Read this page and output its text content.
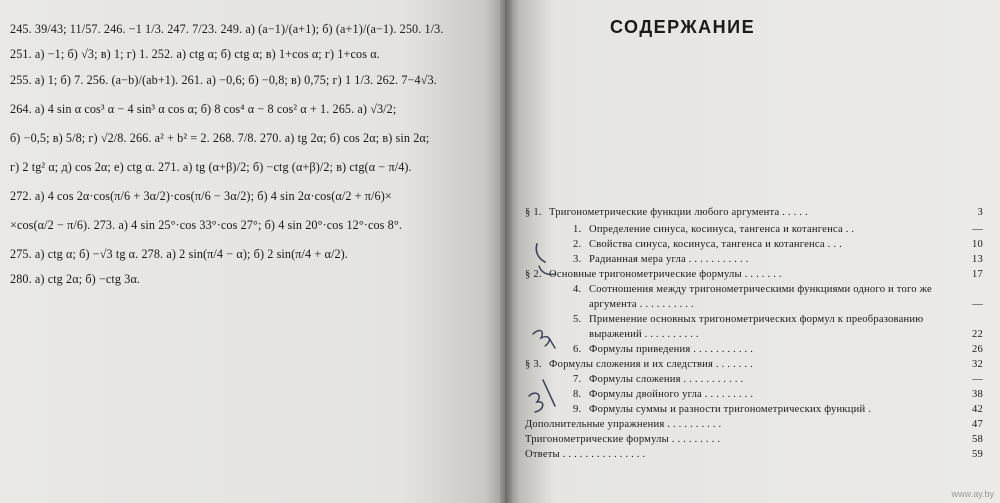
245. 39/43; 11/57. 246. −1 1/3. 247. 7/23. 249. а) (a−1)/(a+1); б) (a+1)/(a−1). 250. 1/3.
251. а) −1; б) √3; в) 1; г) 1. 252. а) ctg α; б) ctg α; в) 1+cos α; г) 1+cos α.
255. а) 1; б) 7. 256. (a−b)/(ab+1). 261. а) −0,6; б) −0,8; в) 0,75; г) 1 1/3. 262. 7−4√3.
264. а) 4 sin α cos³ α − 4 sin³ α cos α; б) 8 cos⁴ α − 8 cos² α + 1. 265. а) √3/2;
б) −0,5; в) 5/8; г) √2/8. 266. a² + b² = 2. 268. 7/8. 270. а) tg 2α; б) cos 2α; в) sin 2α;
г) 2 tg² α; д) cos 2α; е) ctg α. 271. а) tg (α+β)/2; б) −ctg (α+β)/2; в) ctg(α − π/4).
272. а) 4 cos 2α·cos(π/6 + 3α/2)·cos(π/6 − 3α/2); б) 4 sin 2α·cos(α/2 + π/6)×
×cos(α/2 − π/6). 273. а) 4 sin 25°·cos 33°·cos 27°; б) 4 sin 20°·cos 12°·cos 8°.
275. а) ctg α; б) −√3 tg α. 278. а) 2 sin(π/4 − α); б) 2 sin(π/4 + α/2).
280. а) ctg 2α; б) −ctg 3α.
СОДЕРЖАНИЕ
§ 1. Тригонометрические функции любого аргумента . . . . .	3
1. Определение синуса, косинуса, тангенса и котангенса . .	—
2. Свойства синуса, косинуса, тангенса и котангенса . . .	10
3. Радианная мера угла . . . . . . . . . . .	13
§ 2. Основные тригонометрические формулы . . . . . . .	17
4. Соотношения между тригонометрическими функциями одного и того же аргумента . . . . . . . . . .	—
5. Применение основных тригонометрических формул к преобразованию выражений . . . . . . . . . .	22
6. Формулы приведения . . . . . . . . . . .	26
§ 3. Формулы сложения и их следствия . . . . . . .	32
7. Формулы сложения . . . . . . . . . . .	—
8. Формулы двойного угла . . . . . . . . .	38
9. Формулы суммы и разности тригонометрических функций .	42
Дополнительные упражнения . . . . . . . . . .	47
Тригонометрические формулы . . . . . . . . .	58
Ответы . . . . . . . . . . . . . . .	59
www.ay.by
